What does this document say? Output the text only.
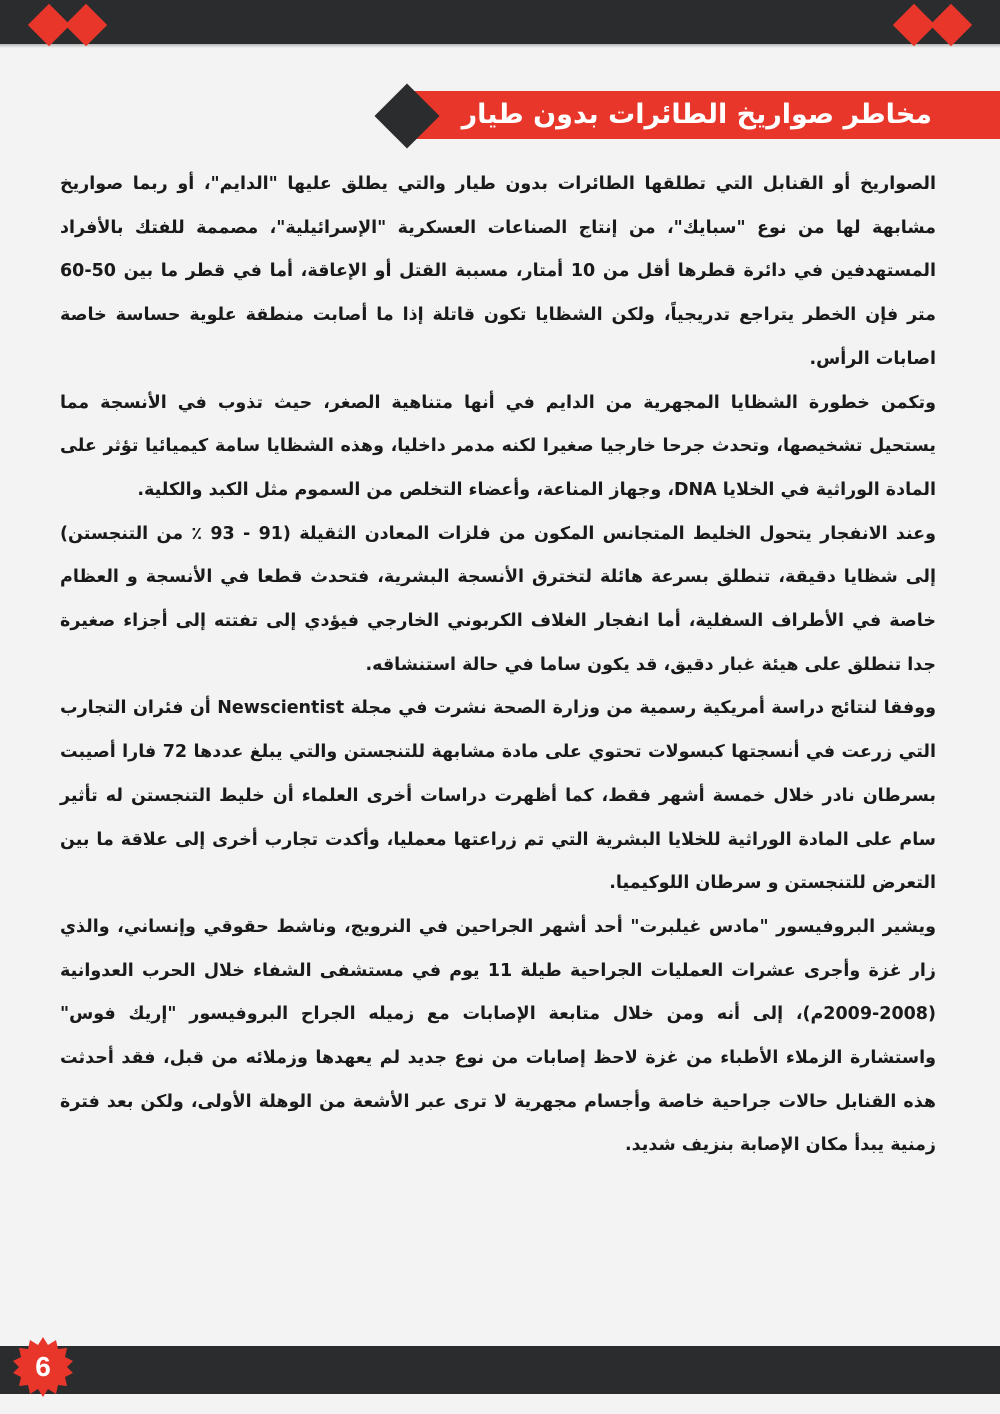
مخاطر صواريخ الطائرات بدون طيار

الصواريخ أو القنابل التي تطلقها الطائرات بدون طيار والتي يطلق عليها "الدايم"، أو ربما صواريخ مشابهة لها من نوع "سبايك"، من إنتاج الصناعات العسكرية "الإسرائيلية"، مصممة للفتك بالأفراد المستهدفين في دائرة قطرها أقل من 10 أمتار، مسببة القتل أو الإعاقة، أما في قطر ما بين 50-60 متر فإن الخطر يتراجع تدريجياً، ولكن الشظايا تكون قاتلة إذا ما أصابت منطقة علوية حساسة خاصة اصابات الرأس.

وتكمن خطورة الشظايا المجهرية من الدايم في أنها متناهية الصغر، حيث تذوب في الأنسجة مما يستحيل تشخيصها، وتحدث جرحا خارجيا صغيرا لكنه مدمر داخليا، وهذه الشظايا سامة كيميائيا تؤثر على المادة الوراثية في الخلايا DNA، وجهاز المناعة، وأعضاء التخلص من السموم مثل الكبد والكلية.

وعند الانفجار يتحول الخليط المتجانس المكون من فلزات المعادن الثقيلة (91 - 93 ٪ من التنجستن) إلى شظايا دقيقة، تنطلق بسرعة هائلة لتخترق الأنسجة البشرية، فتحدث قطعا في الأنسجة و العظام خاصة في الأطراف السفلية، أما انفجار الغلاف الكربوني الخارجي فيؤدي إلى تفتته إلى أجزاء صغيرة جدا تنطلق على هيئة غبار دقيق، قد يكون ساما في حالة استنشاقه.

ووفقا لنتائج دراسة أمريكية رسمية من وزارة الصحة نشرت في مجلة Newscientist أن فئران التجارب التي زرعت في أنسجتها كبسولات تحتوي على مادة مشابهة للتنجستن والتي يبلغ عددها 72 فارا أصيبت بسرطان نادر خلال خمسة أشهر فقط، كما أظهرت دراسات أخرى العلماء أن خليط التنجستن له تأثير سام على المادة الوراثية للخلايا البشرية التي تم زراعتها معمليا، وأكدت تجارب أخرى إلى علاقة ما بين التعرض للتنجستن و سرطان اللوكيميا.

ويشير البروفيسور "مادس غيلبرت" أحد أشهر الجراحين في النرويج، وناشط حقوقي وإنساني، والذي زار غزة وأجرى عشرات العمليات الجراحية طيلة 11 يوم في مستشفى الشفاء خلال الحرب العدوانية (2008-2009م)، إلى أنه ومن خلال متابعة الإصابات مع زميله الجراح البروفيسور "إريك فوس" واستشارة الزملاء الأطباء من غزة لاحظ إصابات من نوع جديد لم يعهدها وزملائه من قبل، فقد أحدثت هذه القنابل حالات جراحية خاصة وأجسام مجهرية لا ترى عبر الأشعة من الوهلة الأولى، ولكن بعد فترة زمنية يبدأ مكان الإصابة بنزيف شديد.

6
